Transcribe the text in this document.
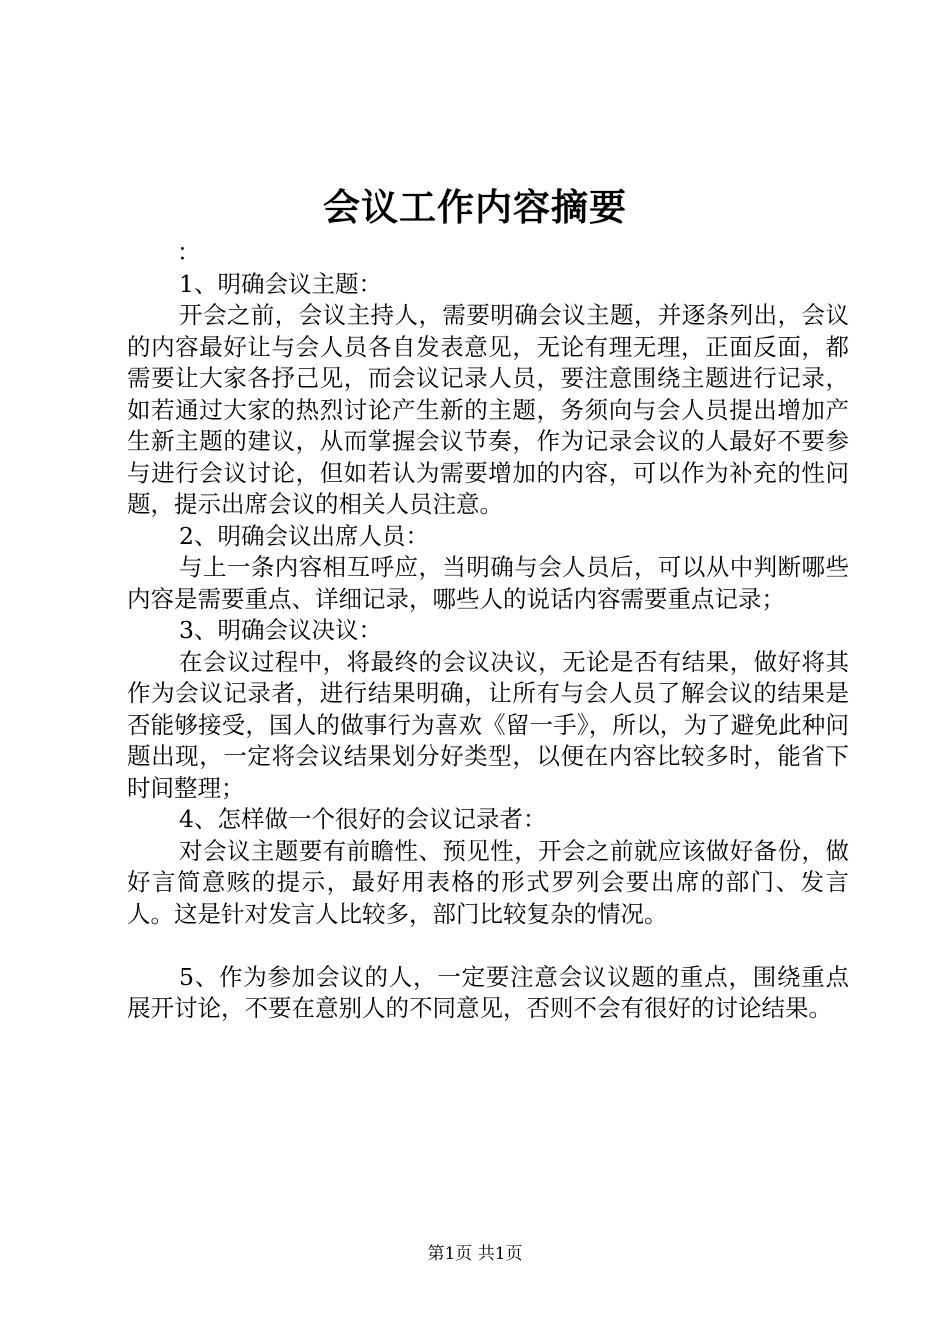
会议工作内容摘要
：

1、明确会议主题：

开会之前，会议主持人，需要明确会议主题，并逐条列出，会议的内容最好让与会人员各自发表意见，无论有理无理，正面反面，都需要让大家各抒己见，而会议记录人员，要注意围绕主题进行记录，如若通过大家的热烈讨论产生新的主题，务须向与会人员提出增加产生新主题的建议，从而掌握会议节奏，作为记录会议的人最好不要参与进行会议讨论，但如若认为需要增加的内容，可以作为补充的性问题，提示出席会议的相关人员注意。

2、明确会议出席人员：

与上一条内容相互呼应，当明确与会人员后，可以从中判断哪些内容是需要重点、详细记录，哪些人的说话内容需要重点记录；

3、明确会议决议：

在会议过程中，将最终的会议决议，无论是否有结果，做好将其作为会议记录者，进行结果明确，让所有与会人员了解会议的结果是否能够接受，国人的做事行为喜欢《留一手》，所以，为了避免此种问题出现，一定将会议结果划分好类型，以便在内容比较多时，能省下时间整理；

4、怎样做一个很好的会议记录者：

对会议主题要有前瞻性、预见性，开会之前就应该做好备份，做好言简意赅的提示，最好用表格的形式罗列会要出席的部门、发言人。这是针对发言人比较多，部门比较复杂的情况。

5、作为参加会议的人，一定要注意会议议题的重点，围绕重点展开讨论，不要在意别人的不同意见，否则不会有很好的讨论结果。

第1页 共1页
